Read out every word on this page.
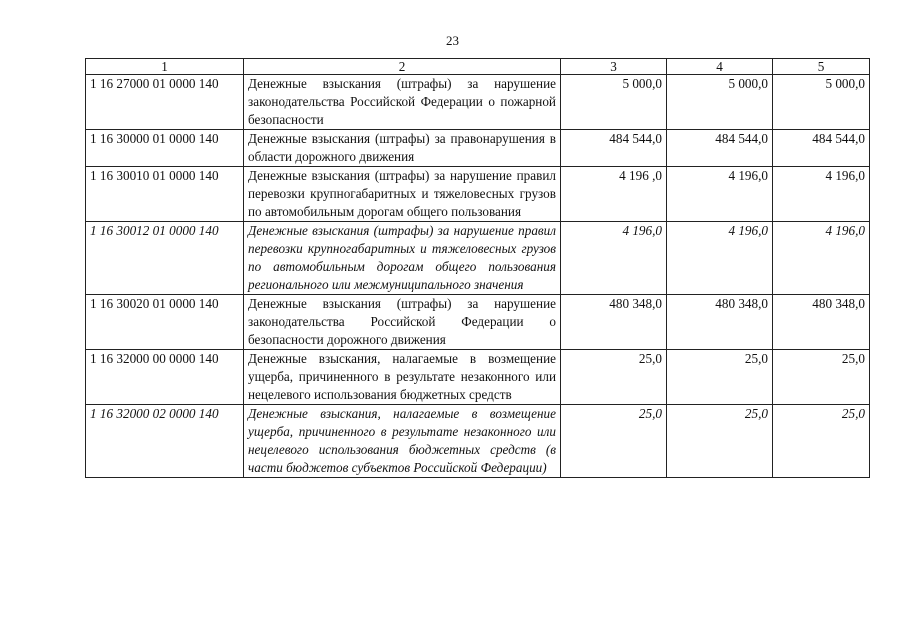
23
1	2	3	4	5
1 16 27000 01 0000 140	Денежные взыскания (штрафы) за нарушение законодательства Российской Федерации о пожарной безопасности	5 000,0	5 000,0	5 000,0
1 16 30000 01 0000 140	Денежные взыскания (штрафы) за правонарушения в области дорожного движения	484 544,0	484 544,0	484 544,0
1 16 30010 01 0000 140	Денежные взыскания (штрафы) за нарушение правил перевозки крупногабаритных и тяжеловесных грузов по автомобильным дорогам общего пользования	4 196 ,0	4 196,0	4 196,0
1 16 30012 01 0000 140	Денежные взыскания (штрафы) за нарушение правил перевозки крупногабаритных и тяжеловесных грузов по автомобильным дорогам общего пользования регионального или межмуниципального значения	4 196,0	4 196,0	4 196,0
1 16 30020 01 0000 140	Денежные взыскания (штрафы) за нарушение законодательства Российской Федерации о безопасности дорожного движения	480 348,0	480 348,0	480 348,0
1 16 32000 00 0000 140	Денежные взыскания, налагаемые в возмещение ущерба, причиненного в результате незаконного или нецелевого использования бюджетных средств	25,0	25,0	25,0
1 16 32000 02 0000 140	Денежные взыскания, налагаемые в возмещение ущерба, причиненного в результате незаконного или нецелевого использования бюджетных средств (в части бюджетов субъектов Российской Федерации)	25,0	25,0	25,0
